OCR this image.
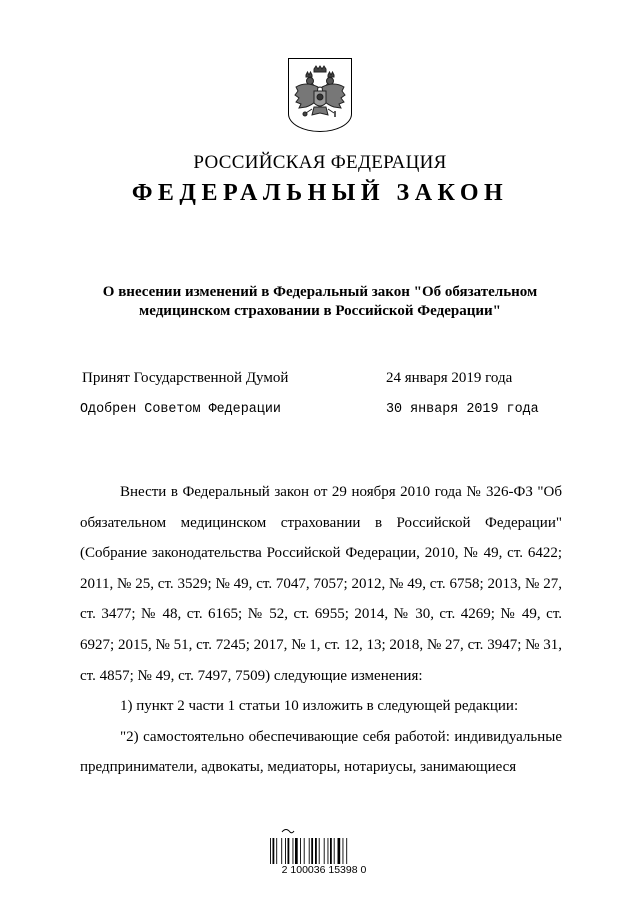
РОССИЙСКАЯ ФЕДЕРАЦИЯ
ФЕДЕРАЛЬНЫЙ ЗАКОН
О внесении изменений в Федеральный закон "Об обязательном
медицинском страховании в Российской Федерации"
Принят Государственной Думой	24 января 2019 года
Одобрен Советом Федерации	30 января 2019 года

Внести в Федеральный закон от 29 ноября 2010 года № 326-ФЗ "Об обязательном медицинском страховании в Российской Федерации" (Собрание законодательства Российской Федерации, 2010, № 49, ст. 6422; 2011, № 25, ст. 3529; № 49, ст. 7047, 7057; 2012, № 49, ст. 6758; 2013, № 27, ст. 3477; № 48, ст. 6165; № 52, ст. 6955; 2014, № 30, ст. 4269; № 49, ст. 6927; 2015, № 51, ст. 7245; 2017, № 1, ст. 12, 13; 2018, № 27, ст. 3947; № 31, ст. 4857; № 49, ст. 7497, 7509) следующие изменения:

1) пункт 2 части 1 статьи 10 изложить в следующей редакции:

"2) самостоятельно обеспечивающие себя работой: индивидуальные предприниматели, адвокаты, медиаторы, нотариусы, занимающиеся

2 100036 15398 0
